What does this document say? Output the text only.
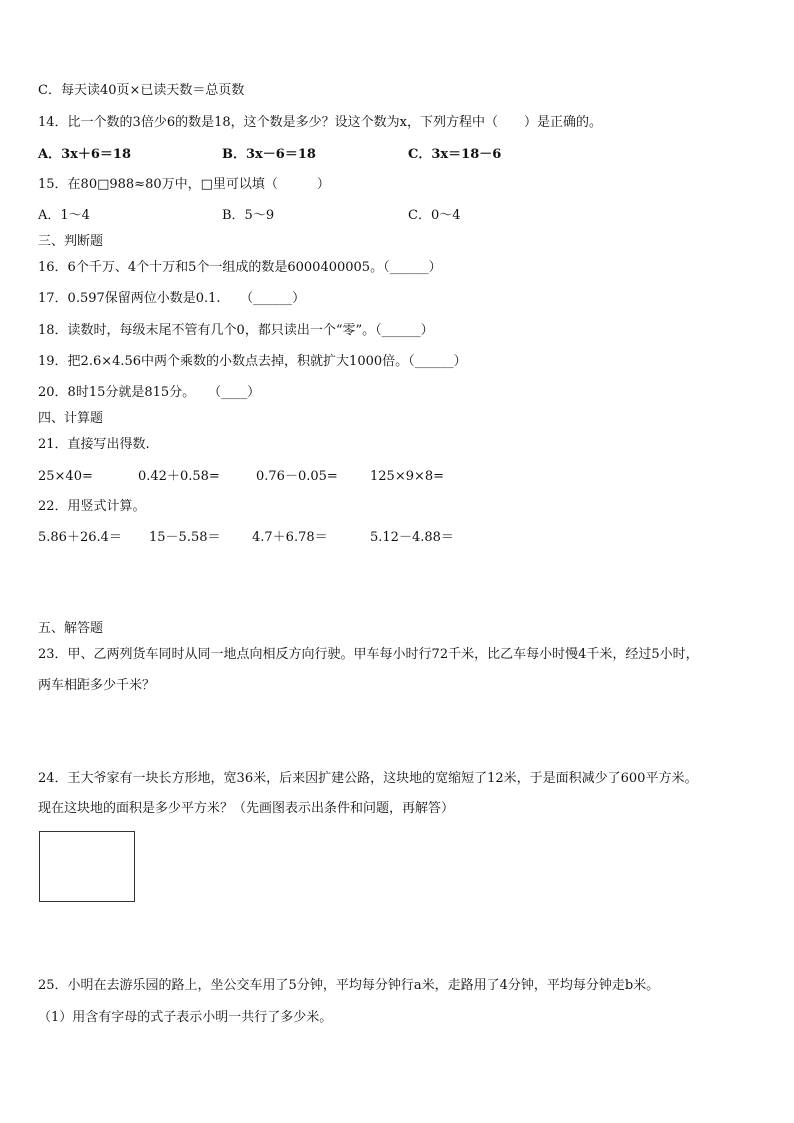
C．每天读40页×已读天数＝总页数
14．比一个数的3倍少6的数是18，这个数是多少？设这个数为x，下列方程中（　　）是正确的。
A．3x＋6＝18	B．3x－6＝18	C．3x＝18－6
15．在80□988≈80万中，□里可以填（　　　）
A．1～4	B．5～9	C．0～4
三、判断题
16．6个千万、4个十万和5个一组成的数是6000400005。（______）
17．0.597保留两位小数是0.1.　　（______）
18．读数时，每级末尾不管有几个0，都只读出一个“零”。（______）
19．把2.6×4.56中两个乘数的小数点去掉，积就扩大1000倍。（______）
20．8时15分就是815分。　　（____）
四、计算题
21．直接写出得数.
25×40=	0.42＋0.58=	0.76－0.05= 125×9×8=
22．用竖式计算。
5.86＋26.4＝ 15－5.58＝ 4.7＋6.78＝	5.12－4.88＝
五、解答题
23．甲、乙两列货车同时从同一地点向相反方向行驶。甲车每小时行72千米，比乙车每小时慢4千米，经过5小时，
两车相距多少千米？
24．王大爷家有一块长方形地，宽36米，后来因扩建公路，这块地的宽缩短了12米，于是面积减少了600平方米。
现在这块地的面积是多少平方米？（先画图表示出条件和问题，再解答）
25．小明在去游乐园的路上，坐公交车用了5分钟，平均每分钟行a米，走路用了4分钟，平均每分钟走b米。
（1）用含有字母的式子表示小明一共行了多少米。
